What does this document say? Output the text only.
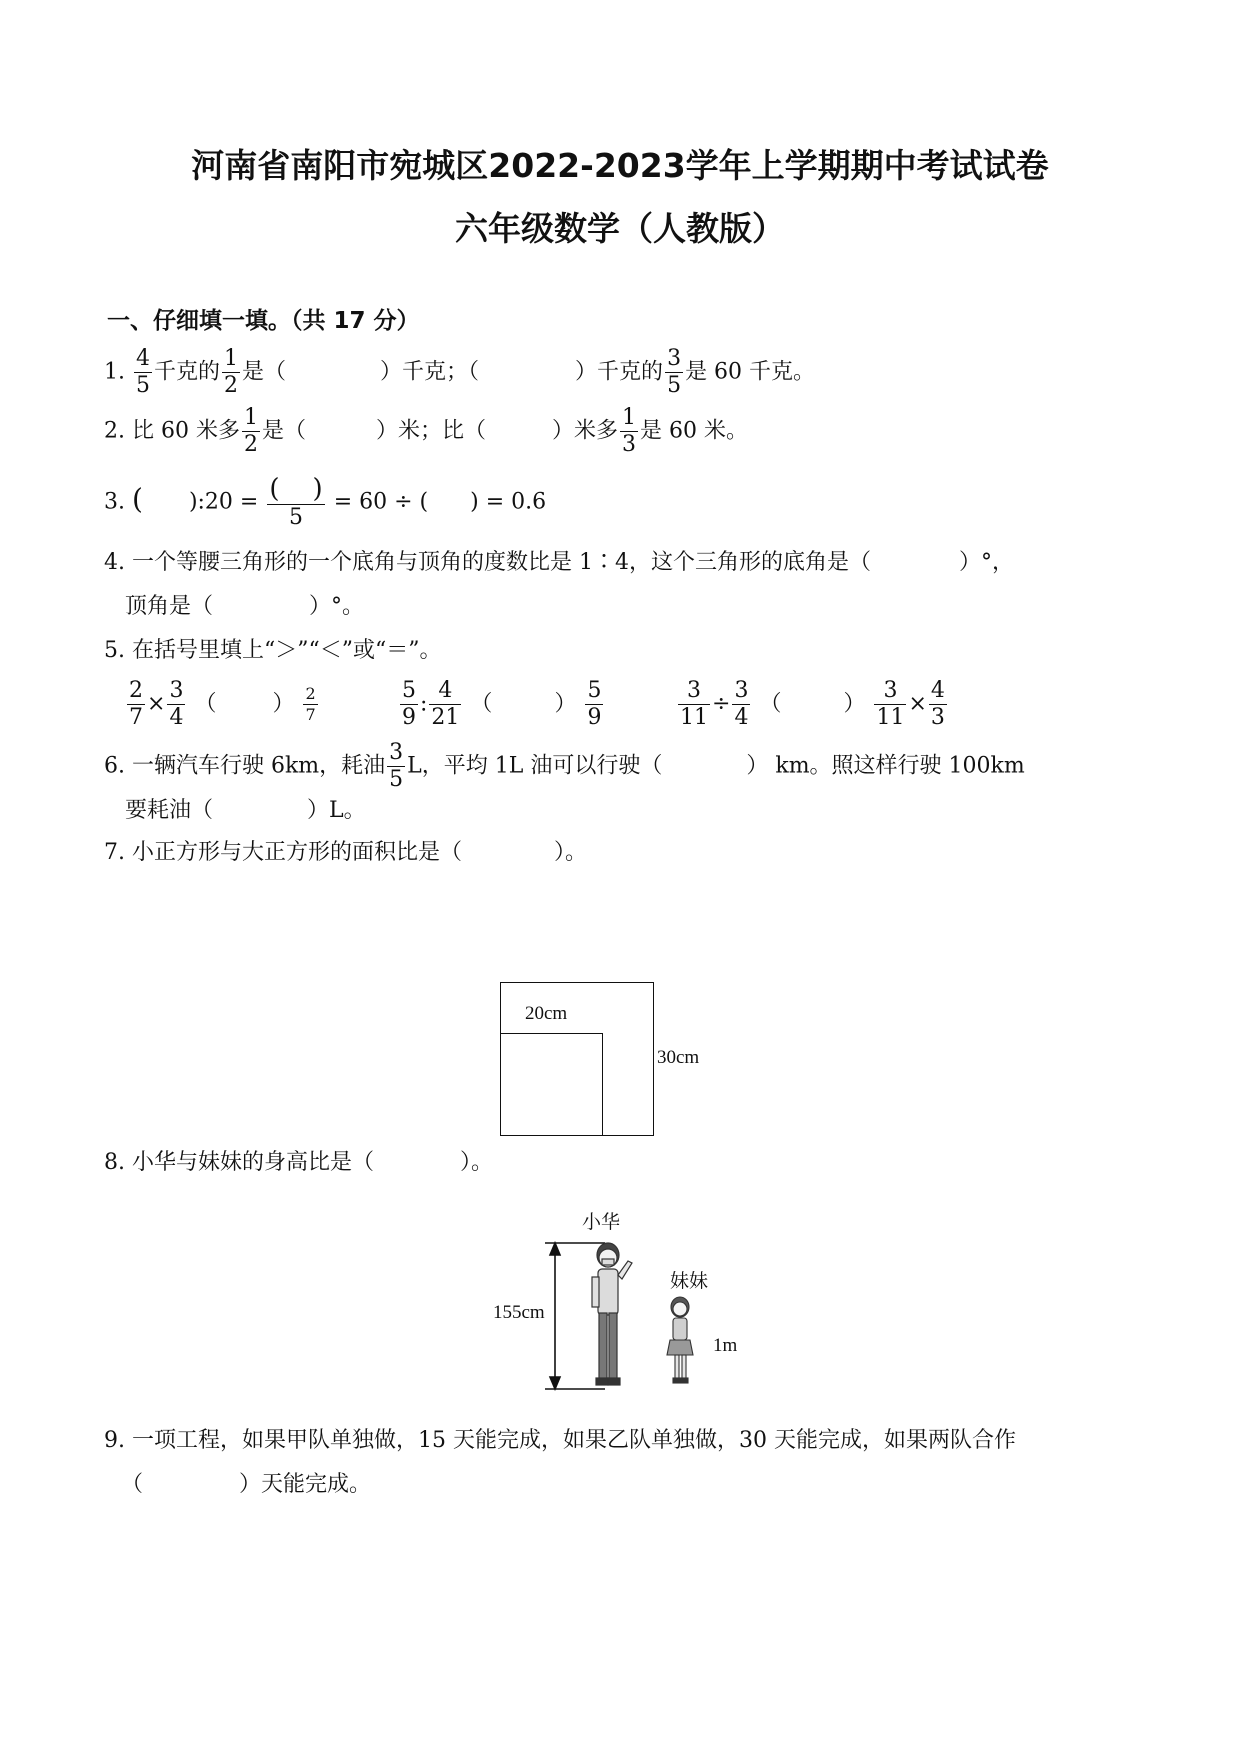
河南省南阳市宛城区2022-2023学年上学期期中考试试卷
六年级数学（人教版）
一、仔细填一填。（共 17 分）
1. $\frac{4}{5}$ 千克的 $\frac{1}{2}$ 是（	）千克；（	）千克的 $\frac{3}{5}$ 是 60 千克。
2. 比 60 米多 $\frac{1}{2}$ 是（	）米；比（	）米多 $\frac{1}{3}$ 是 60 米。
3. ( ):20 = $\frac{( )}{5} = 60$ ÷ ( ) = 0.6
4. 一个等腰三角形的一个底角与顶角的度数比是 1∶4，这个三角形的底角是（	）°，
顶角是（	）°。
5. 在括号里填上“＞”“＜”或“＝”。
$\frac{2}{7} \times \frac{3}{4}$ （	） $\frac{2}{7}$	$\frac{5}{9}$ : $\frac{4}{21}$ （	） $\frac{5}{9}$	$\frac{3}{11} \div \frac{3}{4}$ （	） $\frac{3}{11} \times \frac{4}{3}$
6. 一辆汽车行驶 6km，耗油 $\frac{3}{5}$ L，平均 1L 油可以行驶（	） km。照这样行驶 100km
要耗油（	）L。
7. 小正方形与大正方形的面积比是（	）。
20cm
30cm
8. 小华与妹妹的身高比是（	）。
小华
妹妹
155cm
1m
9. 一项工程，如果甲队单独做，15 天能完成，如果乙队单独做，30 天能完成，如果两队合作
（	）天能完成。
